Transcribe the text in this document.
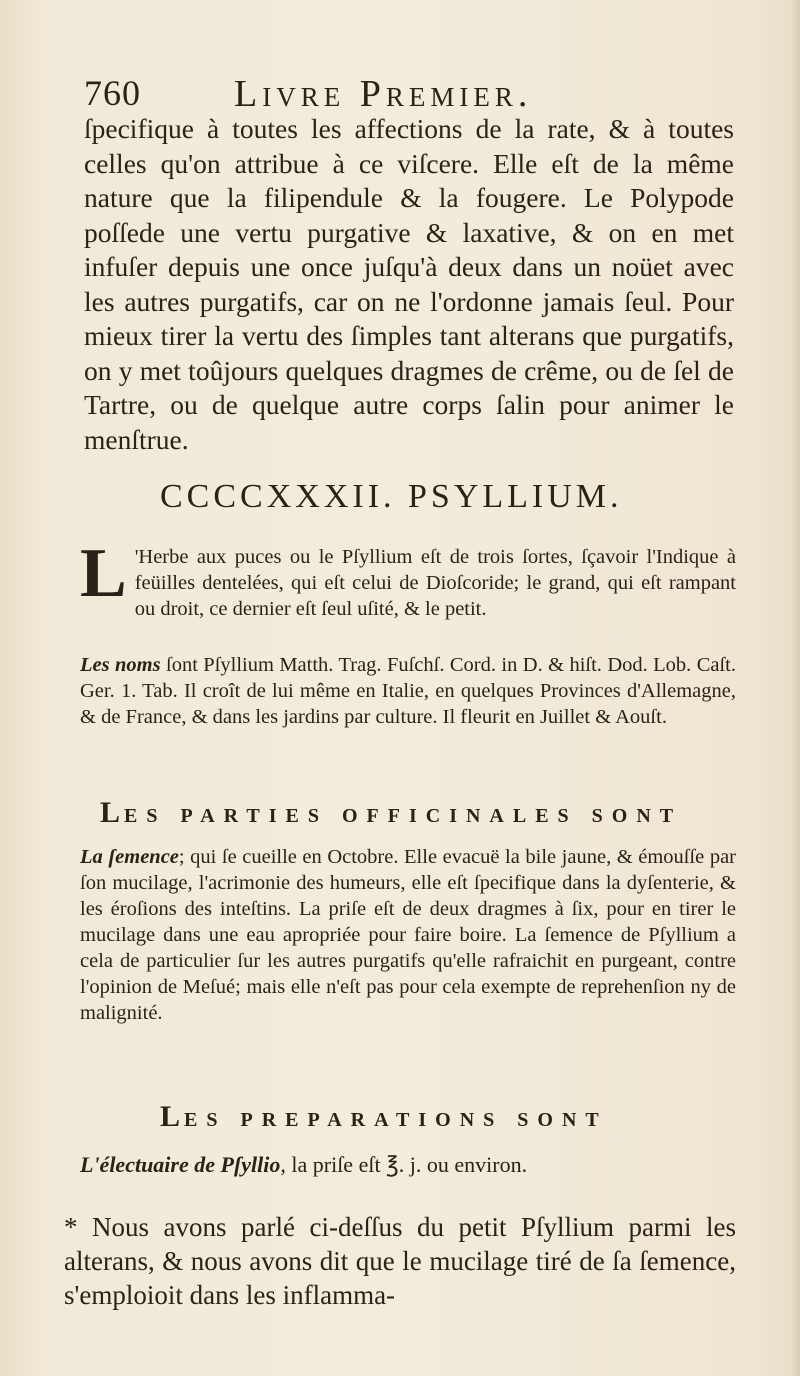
760 Livre Premier.
ſpecifique à toutes les affections de la rate, & à toutes celles qu'on attribue à ce viſcere. Elle eſt de la même nature que la filipendule & la fougere. Le Polypode poſſede une vertu purgative & laxative, & on en met infuſer depuis une once juſqu'à deux dans un noüet avec les autres purgatifs, car on ne l'ordonne jamais ſeul. Pour mieux tirer la vertu des ſimples tant alterans que purgatifs, on y met toûjours quelques dragmes de crême, ou de ſel de Tartre, ou de quelque autre corps ſalin pour animer le menſtrue.
CCCCXXXII. PSYLLIUM.
L 'Herbe aux puces ou le Pſyllium eſt de trois ſortes, ſçavoir l'Indique à feüilles dentelées, qui eſt celui de Dioſcoride; le grand, qui eſt rampant ou droit, ce dernier eſt ſeul uſité, & le petit.
Les noms ſont Pſyllium Matth. Trag. Fuſchſ. Cord. in D. & hiſt. Dod. Lob. Caſt. Ger. 1. Tab. Il croît de lui même en Italie, en quelques Provinces d'Allemagne, & de France, & dans les jardins par culture. Il fleurit en Juillet & Aouſt.
LES PARTIES OFFICINALES SONT
La ſemence; qui ſe cueille en Octobre. Elle evacuë la bile jaune, & émouſſe par ſon mucilage, l'acrimonie des humeurs, elle eſt ſpecifique dans la dyſenterie, & les éroſions des inteſtins. La priſe eſt de deux dragmes à ſix, pour en tirer le mucilage dans une eau apropriée pour faire boire. La ſemence de Pſyllium a cela de particulier ſur les autres purgatifs qu'elle rafraichit en purgeant, contre l'opinion de Meſué; mais elle n'eſt pas pour cela exempte de reprehenſion ny de malignité.
LES PREPARATIONS SONT
L'électuaire de Pſyllio, la priſe eſt ℥. j. ou environ.
* Nous avons parlé ci-deſſus du petit Pſyllium parmi les alterans, & nous avons dit que le mucilage tiré de ſa ſemence, s'emploioit dans les inflamma-
